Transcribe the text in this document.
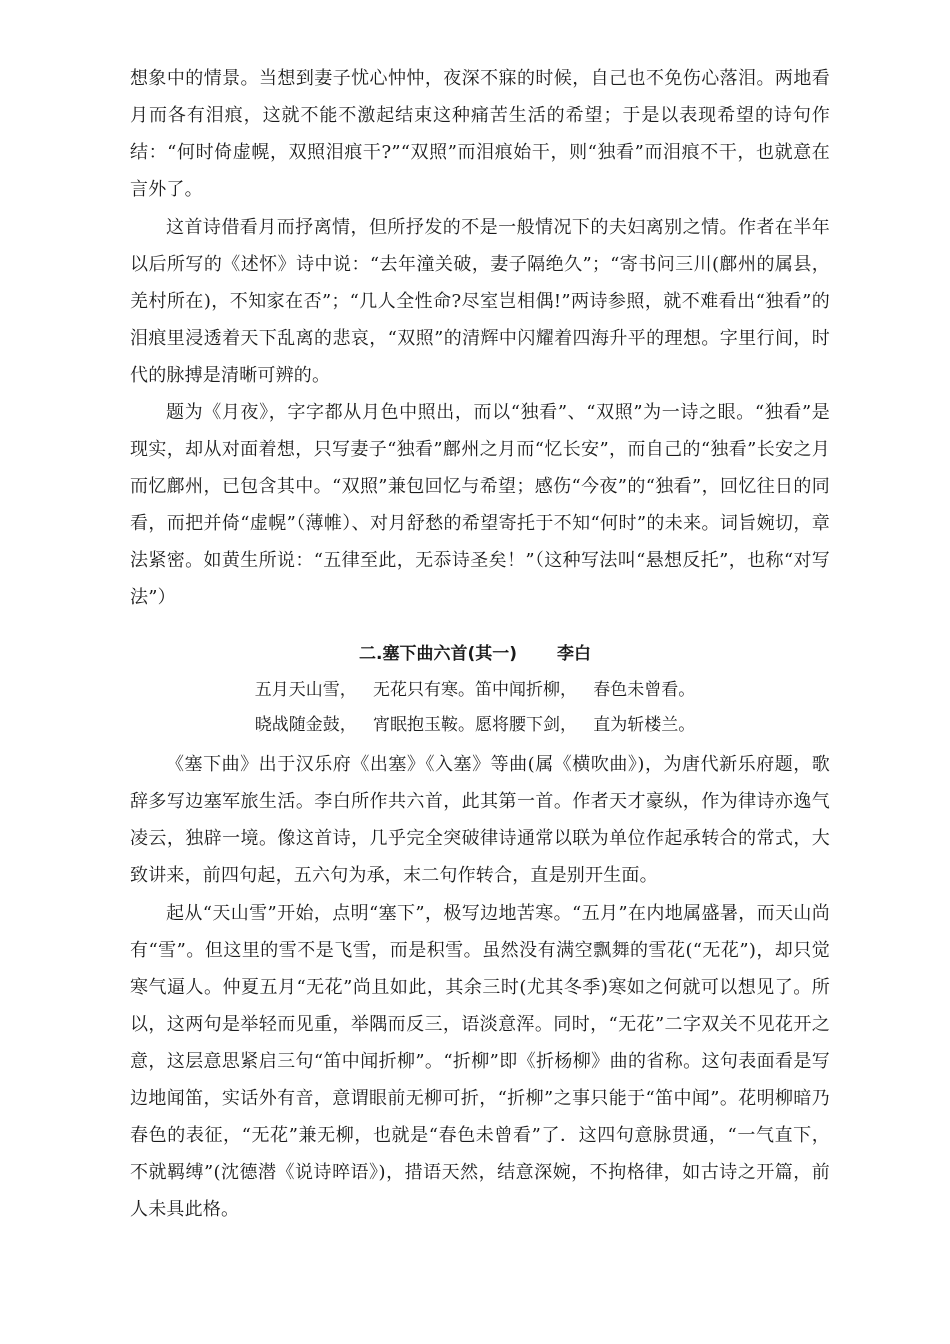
想象中的情景。当想到妻子忧心忡忡，夜深不寐的时候，自己也不免伤心落泪。两地看月而各有泪痕，这就不能不激起结束这种痛苦生活的希望；于是以表现希望的诗句作结：“何时倚虚幌，双照泪痕干?”“双照”而泪痕始干，则“独看”而泪痕不干，也就意在言外了。

这首诗借看月而抒离情，但所抒发的不是一般情况下的夫妇离别之情。作者在半年以后所写的《述怀》诗中说：“去年潼关破，妻子隔绝久”；“寄书问三川(鄜州的属县，羌村所在)，不知家在否”；“几人全性命?尽室岂相偶!”两诗参照，就不难看出“独看”的泪痕里浸透着天下乱离的悲哀，“双照”的清辉中闪耀着四海升平的理想。字里行间，时代的脉搏是清晰可辨的。

题为《月夜》，字字都从月色中照出，而以“独看”、“双照”为一诗之眼。“独看”是现实，却从对面着想，只写妻子“独看”鄜州之月而“忆长安”，而自己的“独看”长安之月而忆鄜州，已包含其中。“双照”兼包回忆与希望；感伤“今夜”的“独看”，回忆往日的同看，而把并倚“虚幌”（薄帷）、对月舒愁的希望寄托于不知“何时”的未来。词旨婉切，章法紧密。如黄生所说：“五律至此，无忝诗圣矣！”（这种写法叫“悬想反托”，也称“对写法”）

二.塞下曲六首(其一) 李白

五月天山雪，   无花只有寒。笛中闻折柳，   春色未曾看。

晓战随金鼓，   宵眠抱玉鞍。愿将腰下剑，   直为斩楼兰。

《塞下曲》出于汉乐府《出塞》《入塞》等曲(属《横吹曲》)，为唐代新乐府题，歌辞多写边塞军旅生活。李白所作共六首，此其第一首。作者天才豪纵，作为律诗亦逸气凌云，独辟一境。像这首诗，几乎完全突破律诗通常以联为单位作起承转合的常式，大致讲来，前四句起，五六句为承，末二句作转合，直是别开生面。

起从“天山雪”开始，点明“塞下”，极写边地苦寒。“五月”在内地属盛暑，而天山尚有“雪”。但这里的雪不是飞雪，而是积雪。虽然没有满空飘舞的雪花(“无花”)，却只觉寒气逼人。仲夏五月“无花”尚且如此，其余三时(尤其冬季)寒如之何就可以想见了。所以，这两句是举轻而见重，举隅而反三，语淡意浑。同时，“无花”二字双关不见花开之意，这层意思紧启三句“笛中闻折柳”。“折柳”即《折杨柳》曲的省称。这句表面看是写边地闻笛，实话外有音，意谓眼前无柳可折，“折柳”之事只能于“笛中闻”。花明柳暗乃春色的表征，“无花”兼无柳，也就是“春色未曾看”了．这四句意脉贯通，“一气直下，不就羁缚”(沈德潜《说诗晬语》)，措语天然，结意深婉，不拘格律，如古诗之开篇，前人未具此格。
